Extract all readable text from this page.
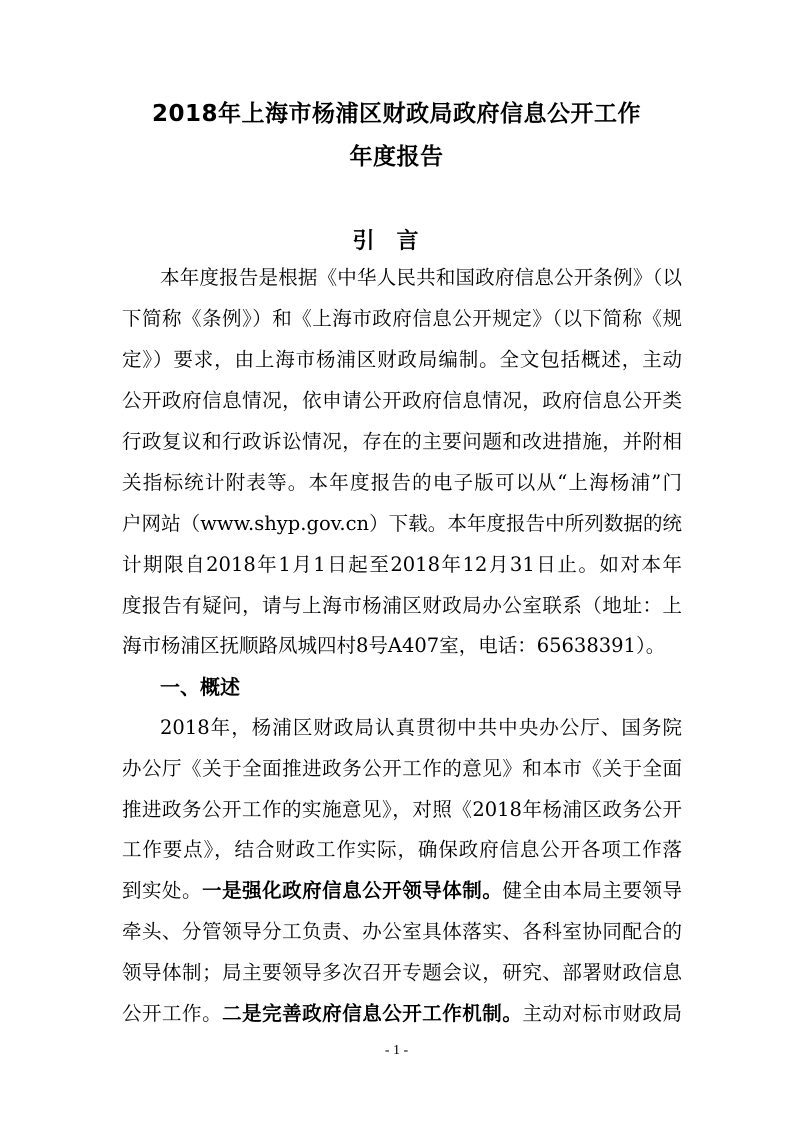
2018年上海市杨浦区财政局政府信息公开工作
年度报告
引言
本年度报告是根据《中华人民共和国政府信息公开条例》（以
下简称《条例》）和《上海市政府信息公开规定》（以下简称《规
定》）要求，由上海市杨浦区财政局编制。全文包括概述，主动
公开政府信息情况，依申请公开政府信息情况，政府信息公开类
行政复议和行政诉讼情况，存在的主要问题和改进措施，并附相
关指标统计附表等。本年度报告的电子版可以从“上海杨浦”门
户网站（www.shyp.gov.cn）下载。本年度报告中所列数据的统
计期限自2018年1月1日起至2018年12月31日止。如对本年
度报告有疑问，请与上海市杨浦区财政局办公室联系（地址：上
海市杨浦区抚顺路凤城四村8号A407室，电话：65638391）。
一、概述
2018年，杨浦区财政局认真贯彻中共中央办公厅、国务院
办公厅《关于全面推进政务公开工作的意见》和本市《关于全面
推进政务公开工作的实施意见》，对照《2018年杨浦区政务公开
工作要点》，结合财政工作实际，确保政府信息公开各项工作落
到实处。一是强化政府信息公开领导体制。健全由本局主要领导
牵头、分管领导分工负责、办公室具体落实、各科室协同配合的
领导体制；局主要领导多次召开专题会议，研究、部署财政信息
公开工作。二是完善政府信息公开工作机制。主动对标市财政局
- 1 -
